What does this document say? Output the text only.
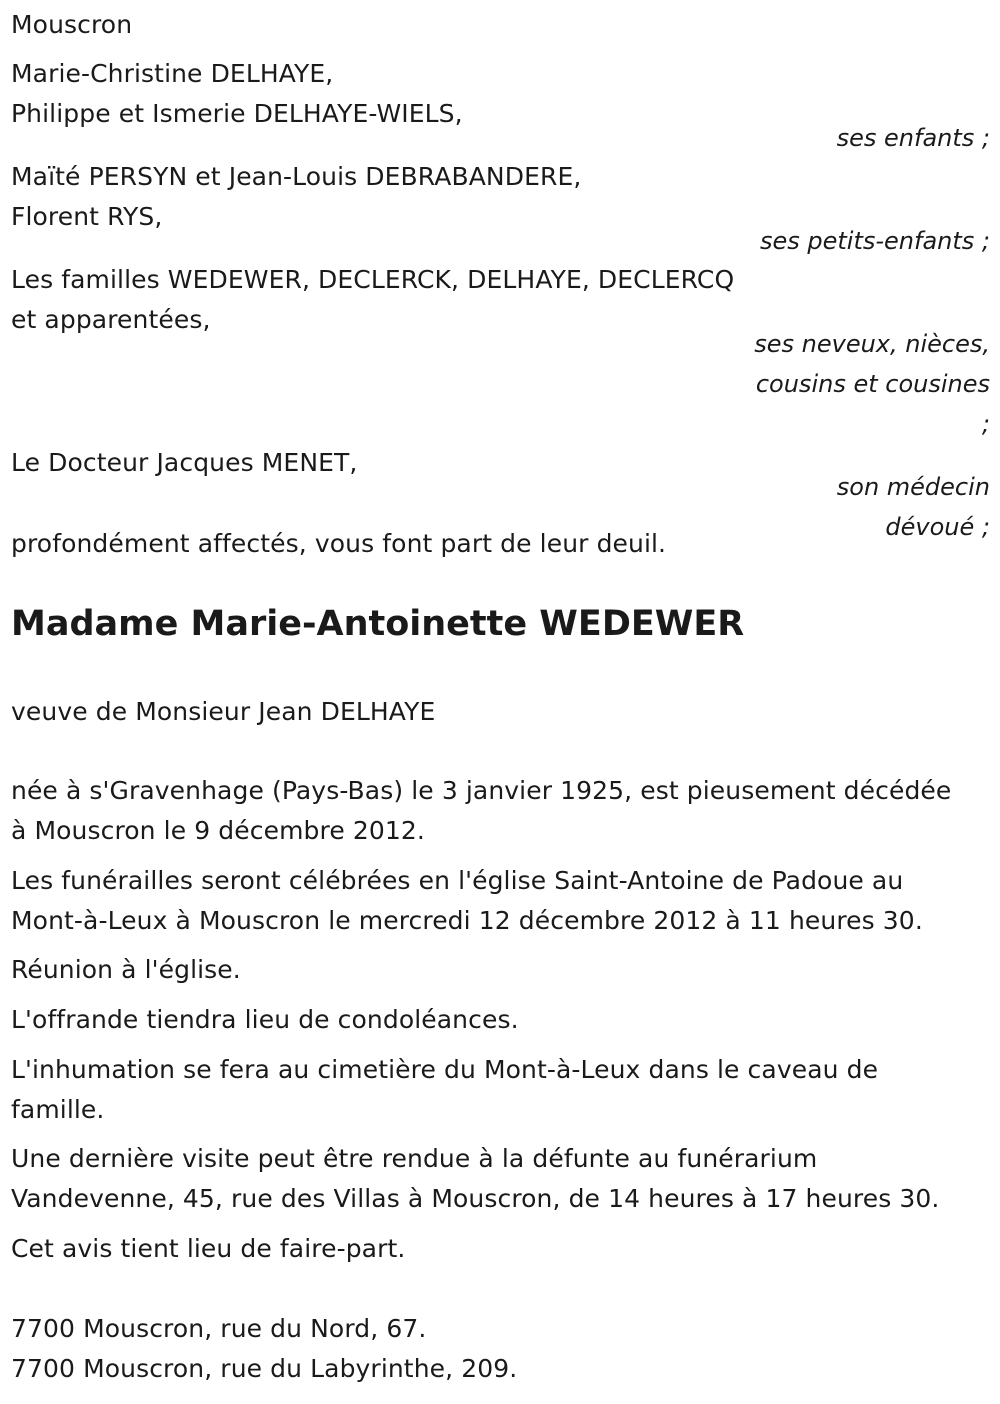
Mouscron
Marie-Christine DELHAYE,
Philippe et Ismerie DELHAYE-WIELS,
ses enfants ;
Maïté PERSYN et Jean-Louis DEBRABANDERE,
Florent RYS,
ses petits-enfants ;
Les familles WEDEWER, DECLERCK, DELHAYE, DECLERCQ
et apparentées,
ses neveux, nièces,
cousins et cousines
;
Le Docteur Jacques MENET,
son médecin
dévoué ;
profondément affectés, vous font part de leur deuil.
Madame Marie-Antoinette WEDEWER
veuve de Monsieur Jean DELHAYE
née à s'Gravenhage (Pays-Bas) le 3 janvier 1925, est pieusement décédée
à Mouscron le 9 décembre 2012.
Les funérailles seront célébrées en l'église Saint-Antoine de Padoue au
Mont-à-Leux à Mouscron le mercredi 12 décembre 2012 à 11 heures 30.
Réunion à l'église.
L'offrande tiendra lieu de condoléances.
L'inhumation se fera au cimetière du Mont-à-Leux dans le caveau de
famille.
Une dernière visite peut être rendue à la défunte au funérarium
Vandevenne, 45, rue des Villas à Mouscron, de 14 heures à 17 heures 30.
Cet avis tient lieu de faire-part.
7700 Mouscron, rue du Nord, 67.
7700 Mouscron, rue du Labyrinthe, 209.
